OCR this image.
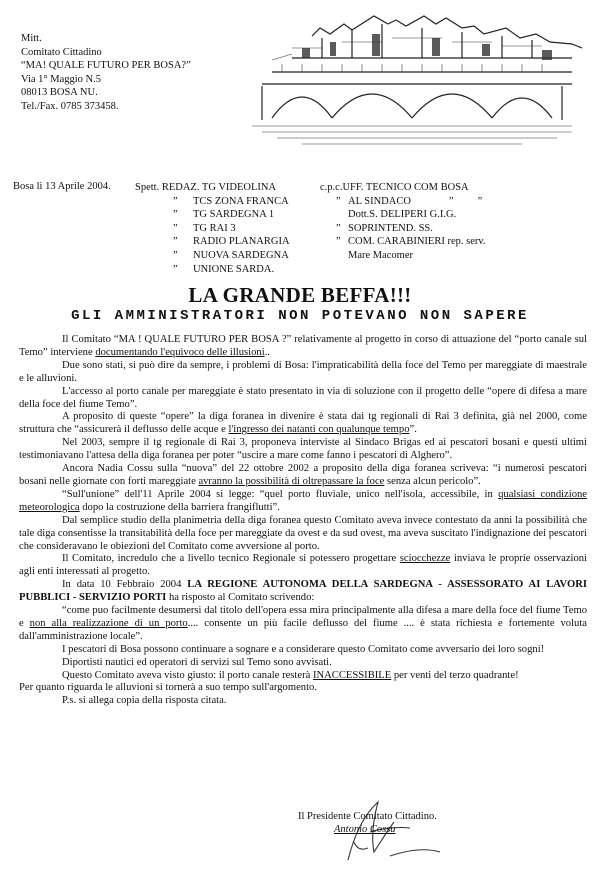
Mitt.
Comitato Cittadino
“MA! QUALE FUTURO PER BOSA?”
Via 1° Maggio N.5
08013 BOSA NU.
Tel./Fax. 0785 373458.
Bosa li 13 Aprile 2004. Spett. REDAZ. TG VIDEOLINA
” TCS ZONA FRANCA
” TG SARDEGNA 1
” TG RAI 3
” RADIO PLANARGIA
” NUOVA SARDEGNA
” UNIONE SARDA.
c.p.c.UFF. TECNICO COM BOSA
” AL SINDACO	” ”
Dott.S. DELIPERI G.I.G.
” SOPRINTEND. SS.
” COM. CARABINIERI rep. serv.
Mare Macomer
LA GRANDE BEFFA!!!
GLI AMMINISTRATORI NON POTEVANO NON SAPERE

Il Comitato “MA ! QUALE FUTURO PER BOSA ?” relativamente al progetto in corso di attuazione del “porto canale sul Temo” interviene documentando l'equivoco delle illusioni..

Due sono stati, si può dire da sempre, i problemi di Bosa: l'impraticabilità della foce del Temo per mareggiate di maestrale e le alluvioni.

L'accesso al porto canale per mareggiate è stato presentato in via di soluzione con il progetto delle “opere di difesa a mare della foce del fiume Temo”.

A proposito di queste “opere” la diga foranea in divenire è stata dai tg regionali di Rai 3 definita, già nel 2000, come struttura che “assicurerà il deflusso delle acque e l'ingresso dei natanti con qualunque tempo”.

Nel 2003, sempre il tg regionale di Rai 3, proponeva interviste al Sindaco Brigas ed ai pescatori bosani e questi ultimi testimoniavano l'attesa della diga foranea per poter “uscire a mare come fanno i pescatori di Alghero”.

Ancora Nadia Cossu sulla “nuova” del 22 ottobre 2002 a proposito della diga foranea scriveva: “i numerosi pescatori bosani nelle giornate con forti mareggiate avranno la possibilità di oltrepassare la foce senza alcun pericolo”.

“Sull'unione” dell'11 Aprile 2004 si legge: “quel porto fluviale, unico nell'isola, accessibile, in qualsiasi condizione meteorologica dopo la costruzione della barriera frangiflutti”.

Dal semplice studio della planimetria della diga foranea questo Comitato aveva invece contestato da anni la possibilità che tale diga consentisse la transitabilità della foce per mareggiate da ovest e da sud ovest, ma aveva suscitato l'indignazione dei pescatori che consideravano le obiezioni del Comitato come avversione al porto.

Il Comitato, incredulo che a livello tecnico Regionale si potessero progettare sciocchezze inviava le proprie osservazioni agli enti interessati al progetto.

In data 10 Febbraio 2004 LA REGIONE AUTONOMA DELLA SARDEGNA - ASSESSORATO AI LAVORI PUBBLICI - SERVIZIO PORTI ha risposto al Comitato scrivendo:

“come puo facilmente desumersi dal titolo dell'opera essa mira principalmente alla difesa a mare della foce del fiume Temo e non alla realizzazione di un porto.... consente un più facile deflusso del fiume .... è stata richiesta e fortemente voluta dall'amministrazione locale”.

I pescatori di Bosa possono continuare a sognare e a considerare questo Comitato come avversario dei loro sogni!

Diportisti nautici ed operatori di servizi sul Temo sono avvisati.

Questo Comitato aveva visto giusto: il porto canale resterà INACCESSIBILE per venti del terzo quadrante!

Per quanto riguarda le alluvioni si tornerà a suo tempo sull'argomento.

P.s. si allega copia della risposta citata.

Il Presidente Comitato Cittadino.
Antonio Cossu
